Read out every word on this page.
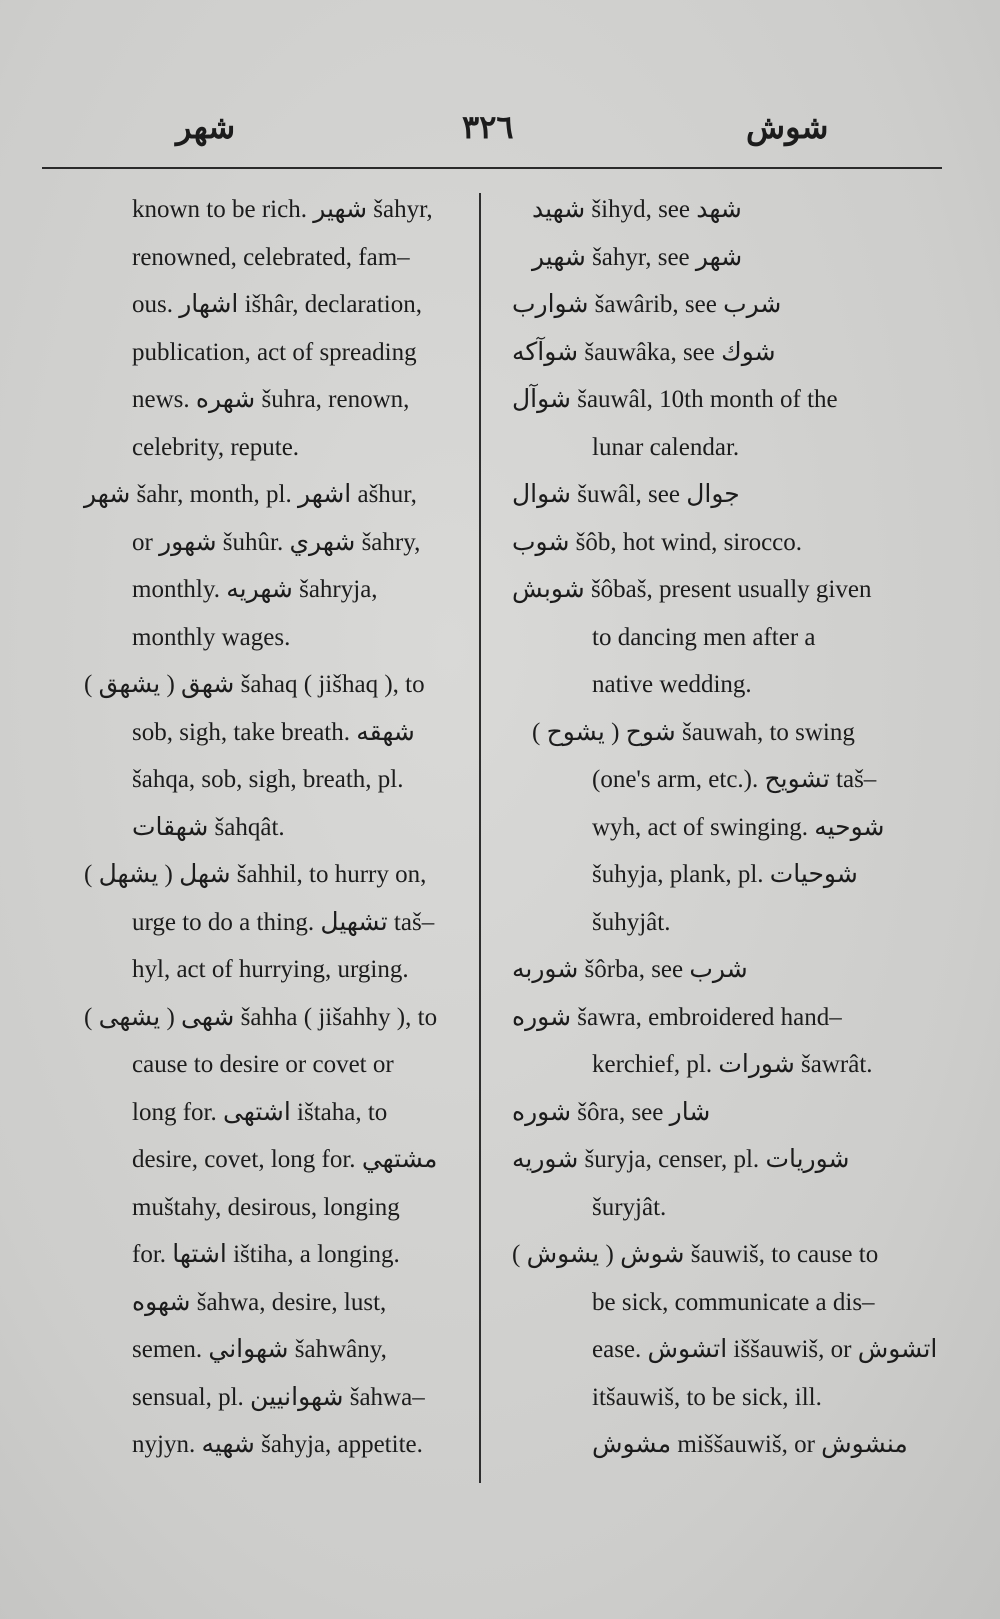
شهر	٣٢٦	شوش
known to be rich. شهير šahyr,
renowned, celebrated, fam–
ous. اشهار išhâr, declaration,
publication, act of spreading
news. شهره šuhra, renown,
celebrity, repute.
شهر šahr, month, pl. اشهر ašhur,
or شهور šuhûr. شهري šahry,
monthly. شهريه šahryja,
monthly wages.
شهق ( يشهق ) šahaq ( jišhaq ), to
sob, sigh, take breath. شهقه
šahqa, sob, sigh, breath, pl.
شهقات šahqât.
شهل ( يشهل ) šahhil, to hurry on,
urge to do a thing. تشهيل taš–
hyl, act of hurrying, urging.
شهى ( يشهى ) šahha ( jišahhy ), to
cause to desire or covet or
long for. اشتهى ištaha, to
desire, covet, long for. مشتهي
muštahy, desirous, longing
for. اشتها ištiha, a longing.
شهوه šahwa, desire, lust,
semen. شهواني šahwâny,
sensual, pl. شهوانيين šahwa–
nyjyn. شهيه šahyja, appetite.
شهيد šihyd, see شهد
شهير šahyr, see شهر
شوارب šawârib, see شرب
شوآكه šauwâka, see شوك
شوآل šauwâl, 10th month of the
lunar calendar.
شوال šuwâl, see جوال
شوب šôb, hot wind, sirocco.
شوبش šôbaš, present usually given
to dancing men after a
native wedding.
شوح ( يشوح ) šauwah, to swing
(one's arm, etc.). تشويح taš–
wyh, act of swinging. شوحيه
šuhyja, plank, pl. شوحيات
šuhyjât.
شوربه šôrba, see شرب
شوره šawra, embroidered hand–
kerchief, pl. شورات šawrât.
شوره šôra, see شار
شوريه šuryja, censer, pl. شوريات
šuryjât.
شوش ( يشوش ) šauwiš, to cause to
be sick, communicate a dis–
ease. اتشوش iššauwiš, or اتشوش
itšauwiš, to be sick, ill.
مشوش miššauwiš, or منشوش
